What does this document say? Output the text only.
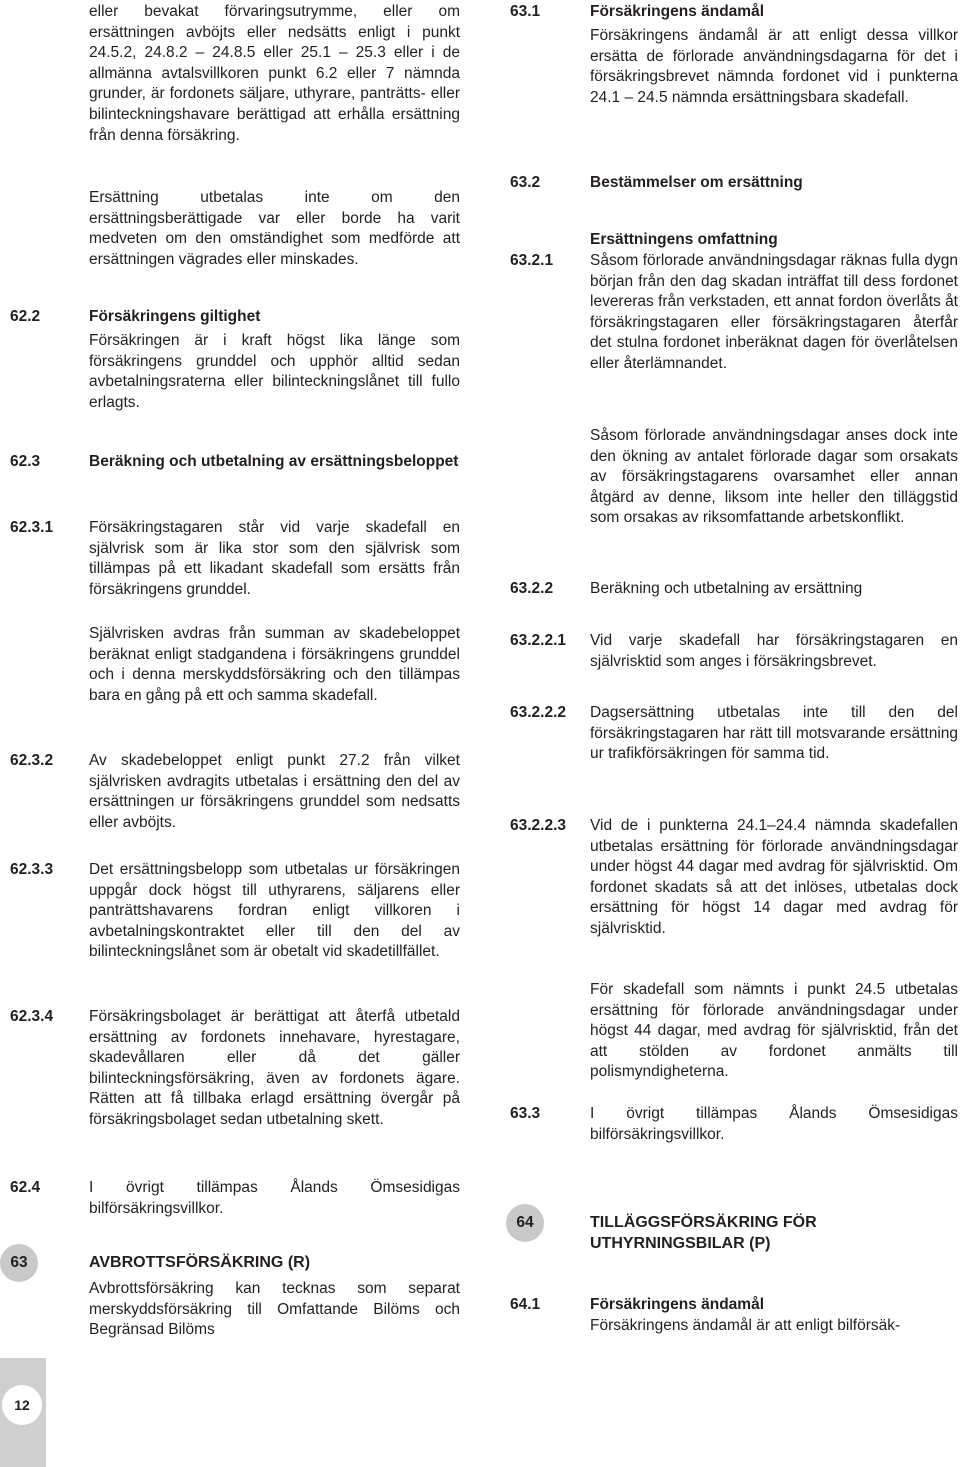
eller bevakat förvaringsutrymme, eller om ersättningen avböjts eller nedsätts enligt i punkt 24.5.2, 24.8.2 – 24.8.5 eller 25.1 – 25.3 eller i de allmänna avtalsvillkoren punkt 6.2 eller 7 nämnda grunder, är fordonets säljare, uthyrare, panträtts- eller bilinteckningshavare berättigad att erhålla ersättning från denna försäkring.
Ersättning utbetalas inte om den ersättningsberättigade var eller borde ha varit medveten om den omständighet som medförde att ersättningen vägrades eller minskades.
62.2	Försäkringens giltighet
Försäkringen är i kraft högst lika länge som försäkringens grunddel och upphör alltid sedan avbetalningsraterna eller bilinteckningslånet till fullo erlagts.
62.3	Beräkning och utbetalning av ersättningsbeloppet
62.3.1 Försäkringstagaren står vid varje skadefall en självrisk som är lika stor som den självrisk som tillämpas på ett likadant skadefall som ersätts från försäkringens grunddel.
Självrisken avdras från summan av skadebeloppet beräknat enligt stadgandena i försäkringens grunddel och i denna merskyddsförsäkring och den tillämpas bara en gång på ett och samma skadefall.
62.3.2 Av skadebeloppet enligt punkt 27.2 från vilket självrisken avdragits utbetalas i ersättning den del av ersättningen ur försäkringens grunddel som nedsatts eller avböjts.
62.3.3 Det ersättningsbelopp som utbetalas ur försäkringen uppgår dock högst till uthyrarens, säljarens eller panträttshavarens fordran enligt villkoren i avbetalningskontraktet eller till den del av bilinteckningslånet som är obetalt vid skadetillfället.
62.3.4 Försäkringsbolaget är berättigat att återfå utbetald ersättning av fordonets innehavare, hyrestagare, skadevållaren eller då det gäller bilinteckningsförsäkring, även av fordonets ägare. Rätten att få tillbaka erlagd ersättning övergår på försäkringsbolaget sedan utbetalning skett.
62.4	I övrigt tillämpas Ålands Ömsesidigas bilförsäkringsvillkor.
63	AVBROTTSFÖRSÄKRING (R)
Avbrottsförsäkring kan tecknas som separat merskyddsförsäkring till Omfattande Bilöms och Begränsad Bilöms
63.1	Försäkringens ändamål
Försäkringens ändamål är att enligt dessa villkor ersätta de förlorade användningsdagarna för det i försäkringsbrevet nämnda fordonet vid i punkterna 24.1 – 24.5 nämnda ersättningsbara skadefall.
63.2	Bestämmelser om ersättning
Ersättningens omfattning
63.2.1 Såsom förlorade användningsdagar räknas fulla dygn början från den dag skadan inträffat till dess fordonet levereras från verkstaden, ett annat fordon överlåts åt försäkringstagaren eller försäkringstagaren återfår det stulna fordonet inberäknat dagen för överlåtelsen eller återlämnandet.
Såsom förlorade användningsdagar anses dock inte den ökning av antalet förlorade dagar som orsakats av försäkringstagarens ovarsamhet eller annan åtgärd av denne, liksom inte heller den tilläggstid som orsakas av riksomfattande arbetskonflikt.
63.2.2 Beräkning och utbetalning av ersättning
63.2.2.1 Vid varje skadefall har försäkringstagaren en självrisktid som anges i försäkringsbrevet.
63.2.2.2 Dagsersättning utbetalas inte till den del försäkringstagaren har rätt till motsvarande ersättning ur trafikförsäkringen för samma tid.
63.2.2.3 Vid de i punkterna 24.1–24.4 nämnda skadefallen utbetalas ersättning för förlorade användningsdagar under högst 44 dagar med avdrag för självrisktid. Om fordonet skadats så att det inlöses, utbetalas dock ersättning för högst 14 dagar med avdrag för självrisktid.
För skadefall som nämnts i punkt 24.5 utbetalas ersättning för förlorade användningsdagar under högst 44 dagar, med avdrag för självrisktid, från det att stölden av fordonet anmälts till polismyndigheterna.
63.3	I övrigt tillämpas Ålands Ömsesidigas bilförsäkringsvillkor.
64	TILLÄGGSFÖRSÄKRING FÖR UTHYRNINGSBILAR (P)
64.1	Försäkringens ändamål
Försäkringens ändamål är att enligt bilförsäk-
12
